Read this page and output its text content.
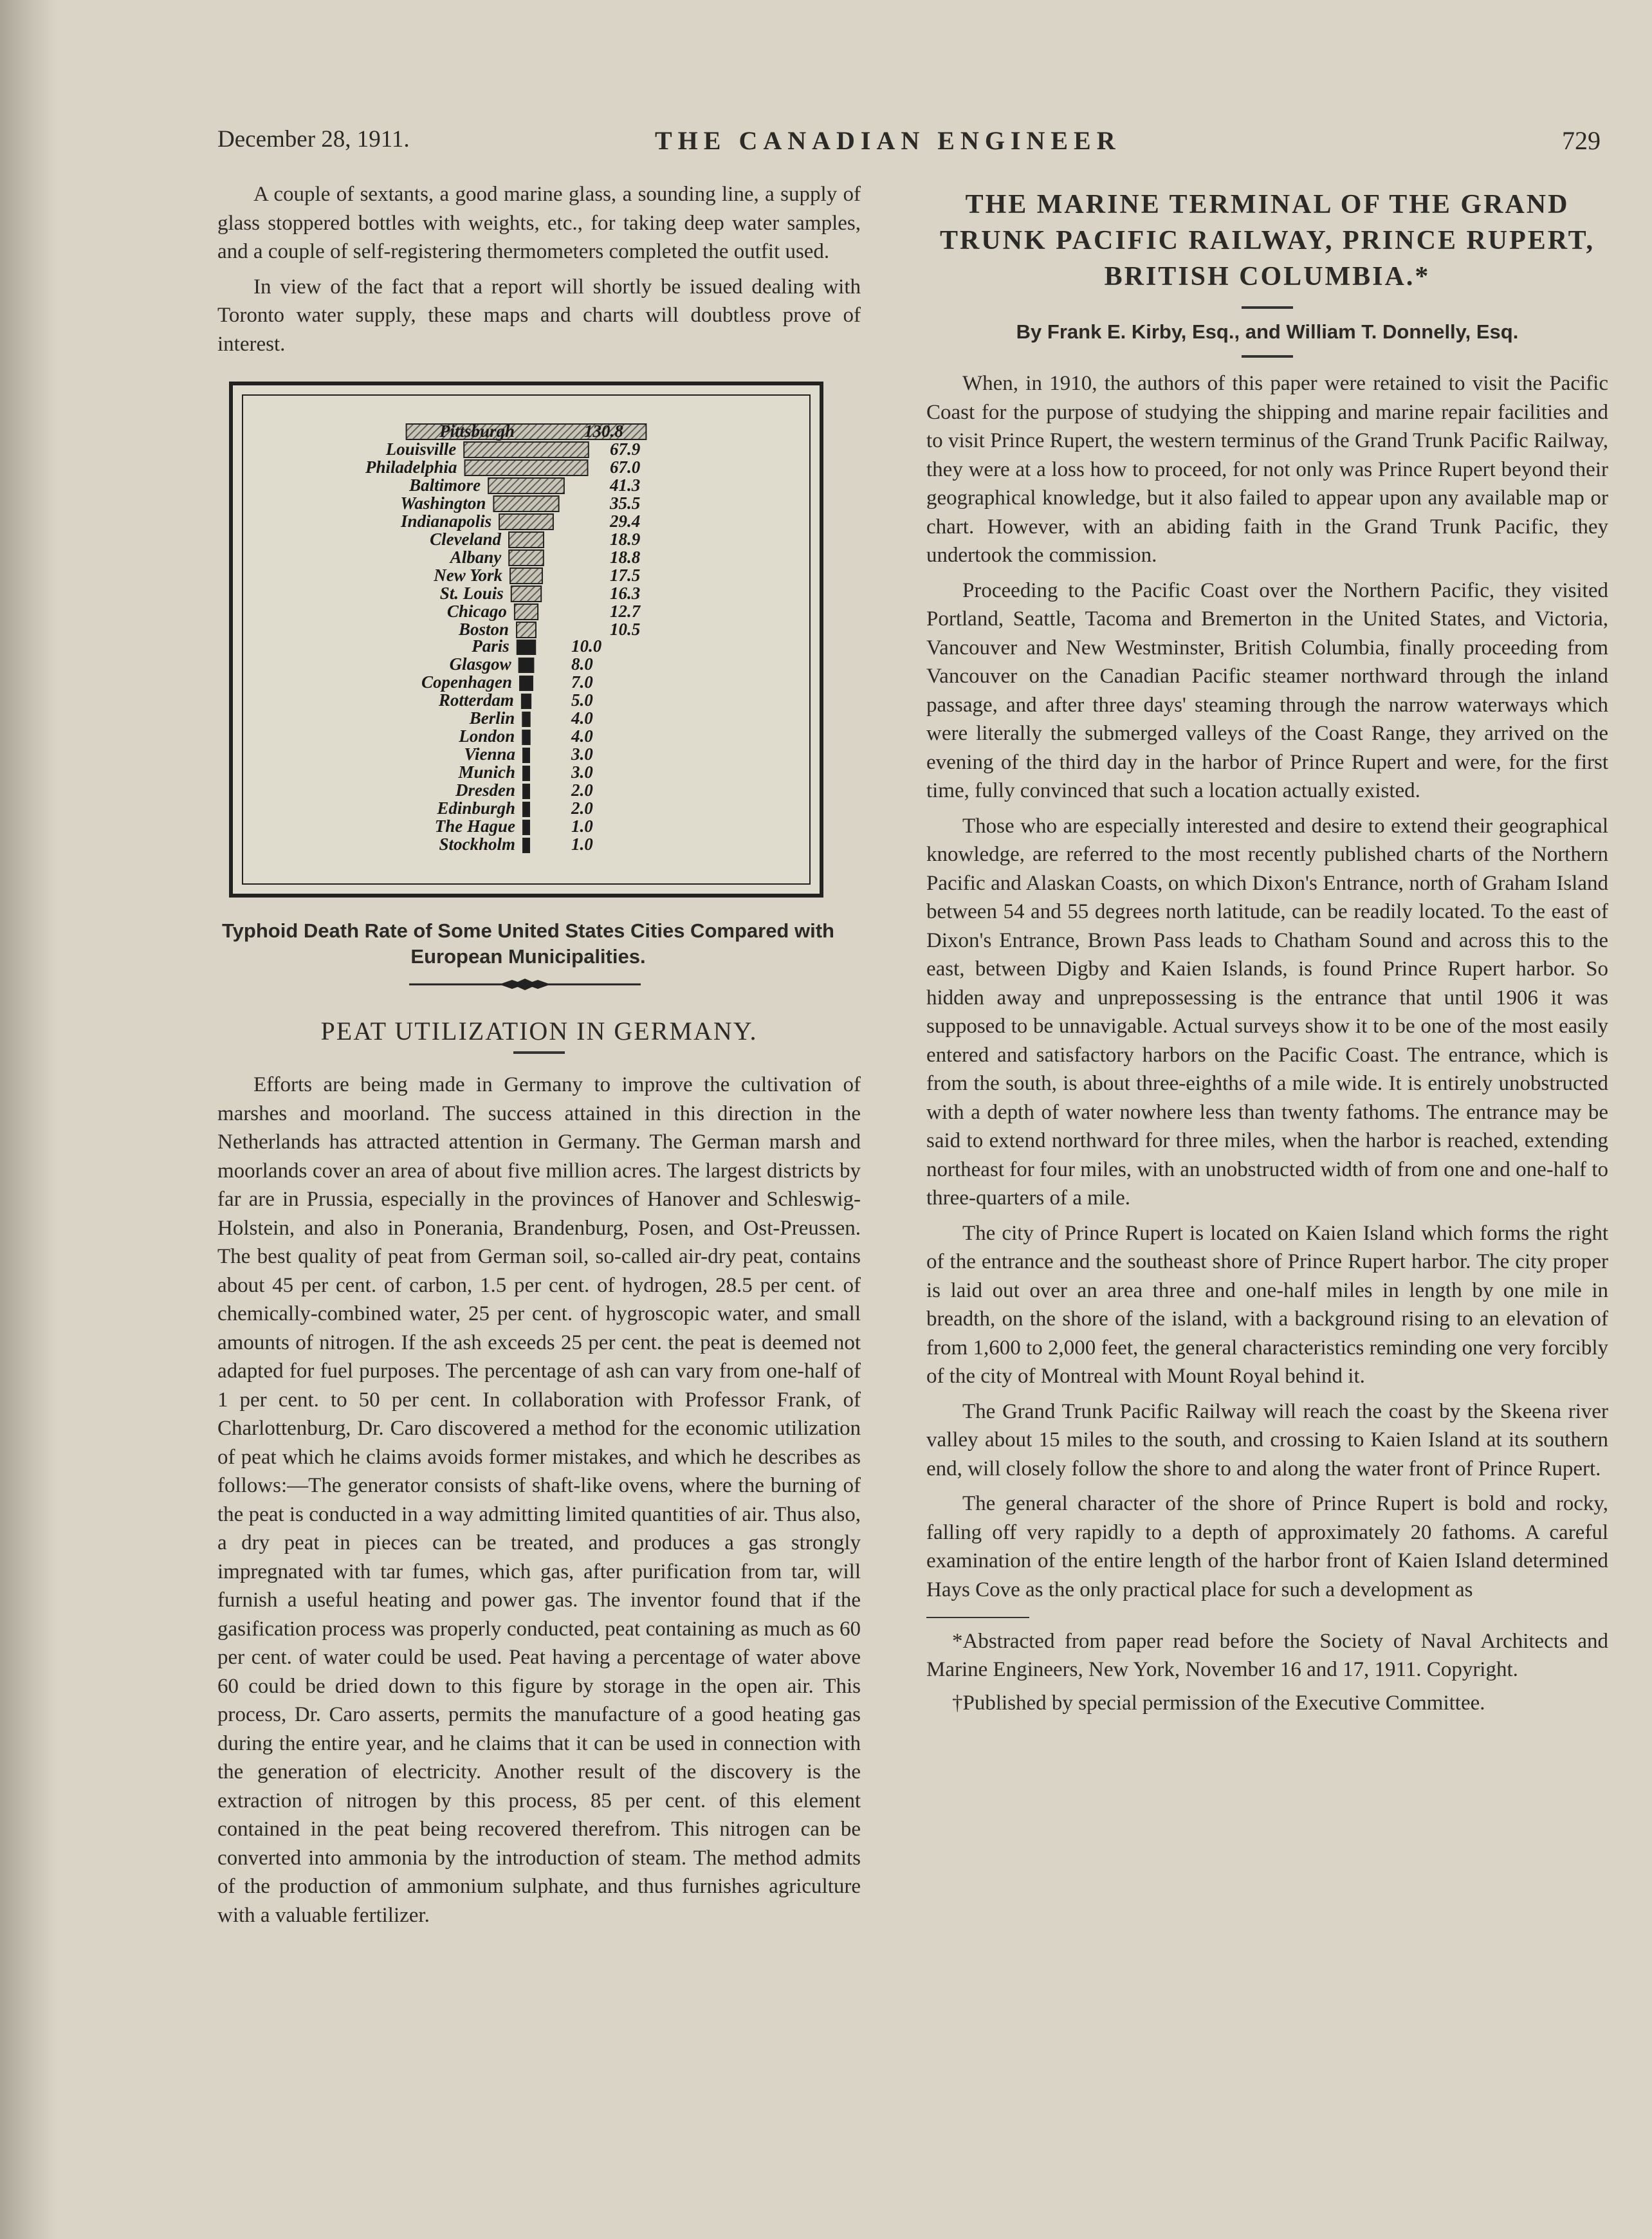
December 28, 1911.	THE CANADIAN ENGINEER	729

A couple of sextants, a good marine glass, a sounding line, a supply of glass stoppered bottles with weights, etc., for taking deep water samples, and a couple of self-registering thermometers completed the outfit used.

In view of the fact that a report will shortly be issued dealing with Toronto water supply, these maps and charts will doubtless prove of interest.

Pittsburgh	130.8
Louisville	67.9
Philadelphia	67.0
Baltimore	41.3
Washington	35.5
Indianapolis	29.4
Cleveland	18.9
Albany	18.8
New York	17.5
St. Louis	16.3
Chicago	12.7
Boston	10.5
Paris	10.0
Glasgow	8.0
Copenhagen	7.0
Rotterdam	5.0
Berlin	4.0
London	4.0
Vienna	3.0
Munich	3.0
Dresden	2.0
Edinburgh	2.0
The Hague	1.0
Stockholm	1.0
Typhoid Death Rate of Some United States Cities Compared with European Municipalities.
PEAT UTILIZATION IN GERMANY.

Efforts are being made in Germany to improve the cultivation of marshes and moorland. The success attained in this direction in the Netherlands has attracted attention in Germany. The German marsh and moorlands cover an area of about five million acres. The largest districts by far are in Prussia, especially in the provinces of Hanover and Schleswig-Holstein, and also in Ponerania, Brandenburg, Posen, and Ost-Preussen. The best quality of peat from German soil, so-called air-dry peat, contains about 45 per cent. of carbon, 1.5 per cent. of hydrogen, 28.5 per cent. of chemically-combined water, 25 per cent. of hygroscopic water, and small amounts of nitrogen. If the ash exceeds 25 per cent. the peat is deemed not adapted for fuel purposes. The percentage of ash can vary from one-half of 1 per cent. to 50 per cent. In collaboration with Professor Frank, of Charlottenburg, Dr. Caro discovered a method for the economic utilization of peat which he claims avoids former mistakes, and which he describes as follows:—The generator consists of shaft-like ovens, where the burning of the peat is conducted in a way admitting limited quantities of air. Thus also, a dry peat in pieces can be treated, and produces a gas strongly impregnated with tar fumes, which gas, after purification from tar, will furnish a useful heating and power gas. The inventor found that if the gasification process was properly conducted, peat containing as much as 60 per cent. of water could be used. Peat having a percentage of water above 60 could be dried down to this figure by storage in the open air. This process, Dr. Caro asserts, permits the manufacture of a good heating gas during the entire year, and he claims that it can be used in connection with the generation of electricity. Another result of the discovery is the extraction of nitrogen by this process, 85 per cent. of this element contained in the peat being recovered therefrom. This nitrogen can be converted into ammonia by the introduction of steam. The method admits of the production of ammonium sulphate, and thus furnishes agriculture with a valuable fertilizer.

THE MARINE TERMINAL OF THE GRAND TRUNK PACIFIC RAILWAY, PRINCE RUPERT, BRITISH COLUMBIA.*
By Frank E. Kirby, Esq., and William T. Donnelly, Esq.

When, in 1910, the authors of this paper were retained to visit the Pacific Coast for the purpose of studying the shipping and marine repair facilities and to visit Prince Rupert, the western terminus of the Grand Trunk Pacific Railway, they were at a loss how to proceed, for not only was Prince Rupert beyond their geographical knowledge, but it also failed to appear upon any available map or chart. However, with an abiding faith in the Grand Trunk Pacific, they undertook the commission.

Proceeding to the Pacific Coast over the Northern Pacific, they visited Portland, Seattle, Tacoma and Bremerton in the United States, and Victoria, Vancouver and New Westminster, British Columbia, finally proceeding from Vancouver on the Canadian Pacific steamer northward through the inland passage, and after three days' steaming through the narrow waterways which were literally the submerged valleys of the Coast Range, they arrived on the evening of the third day in the harbor of Prince Rupert and were, for the first time, fully convinced that such a location actually existed.

Those who are especially interested and desire to extend their geographical knowledge, are referred to the most recently published charts of the Northern Pacific and Alaskan Coasts, on which Dixon's Entrance, north of Graham Island between 54 and 55 degrees north latitude, can be readily located. To the east of Dixon's Entrance, Brown Pass leads to Chatham Sound and across this to the east, between Digby and Kaien Islands, is found Prince Rupert harbor. So hidden away and unprepossessing is the entrance that until 1906 it was supposed to be unnavigable. Actual surveys show it to be one of the most easily entered and satisfactory harbors on the Pacific Coast. The entrance, which is from the south, is about three-eighths of a mile wide. It is entirely unobstructed with a depth of water nowhere less than twenty fathoms. The entrance may be said to extend northward for three miles, when the harbor is reached, extending northeast for four miles, with an unobstructed width of from one and one-half to three-quarters of a mile.

The city of Prince Rupert is located on Kaien Island which forms the right of the entrance and the southeast shore of Prince Rupert harbor. The city proper is laid out over an area three and one-half miles in length by one mile in breadth, on the shore of the island, with a background rising to an elevation of from 1,600 to 2,000 feet, the general characteristics reminding one very forcibly of the city of Montreal with Mount Royal behind it.

The Grand Trunk Pacific Railway will reach the coast by the Skeena river valley about 15 miles to the south, and crossing to Kaien Island at its southern end, will closely follow the shore to and along the water front of Prince Rupert.

The general character of the shore of Prince Rupert is bold and rocky, falling off very rapidly to a depth of approximately 20 fathoms. A careful examination of the entire length of the harbor front of Kaien Island determined Hays Cove as the only practical place for such a development as

*Abstracted from paper read before the Society of Naval Architects and Marine Engineers, New York, November 16 and 17, 1911. Copyright.

†Published by special permission of the Executive Committee.
